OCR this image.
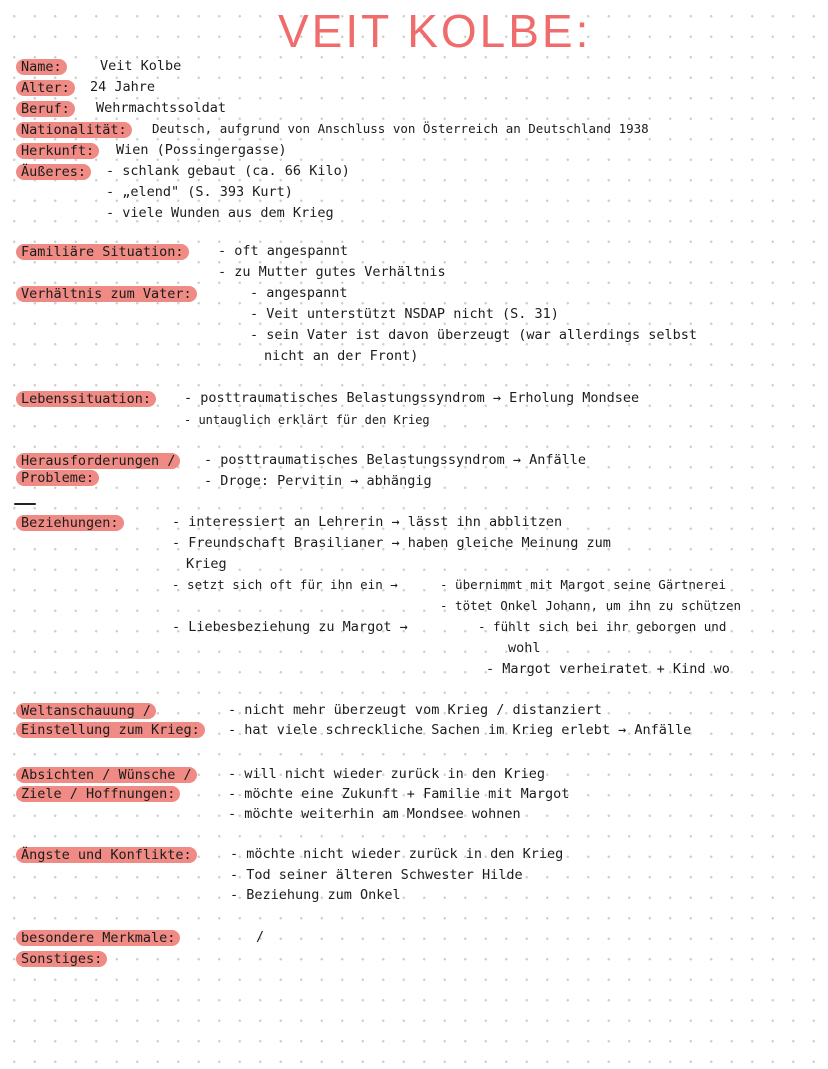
VEIT KOLBE:
Name:	Veit Kolbe
Alter:	24 Jahre
Beruf:	Wehrmachtssoldat
Nationalität:	Deutsch, aufgrund von Anschluss von Österreich an Deutschland 1938
Herkunft:	Wien (Possingergasse)
Äußeres:	- schlank gebaut (ca. 66 Kilo)
- „elend" (S. 393 Kurt)
- viele Wunden aus dem Krieg
Familiäre Situation:	- oft angespannt
- zu Mutter gutes Verhältnis
Verhältnis zum Vater:	- angespannt
- Veit unterstützt NSDAP nicht (S. 31)
- sein Vater ist davon überzeugt (war allerdings selbst
nicht an der Front)
Lebenssituation:	- posttraumatisches Belastungssyndrom → Erholung Mondsee
- untauglich erklärt für den Krieg
Herausforderungen /
Probleme:
- posttraumatisches Belastungssyndrom → Anfälle
- Droge: Pervitin → abhängig
Beziehungen:	- interessiert an Lehrerin → lässt ihn abblitzen
- Freundschaft Brasilianer → haben gleiche Meinung zum
Krieg
- setzt sich oft für ihn ein →	- übernimmt mit Margot seine Gärtnerei
- tötet Onkel Johann, um ihn zu schützen
- Liebesbeziehung zu Margot →	- fühlt sich bei ihr geborgen und
wohl
- Margot verheiratet + Kind wo
Weltanschauung /
Einstellung zum Krieg:
- nicht mehr überzeugt vom Krieg / distanziert
- hat viele schreckliche Sachen im Krieg erlebt → Anfälle
Absichten / Wünsche /
Ziele / Hoffnungen:
- will nicht wieder zurück in den Krieg
- möchte eine Zukunft + Familie mit Margot
- möchte weiterhin am Mondsee wohnen
Ängste und Konflikte:	- möchte nicht wieder zurück in den Krieg
- Tod seiner älteren Schwester Hilde
- Beziehung zum Onkel
besondere Merkmale:	/
Sonstiges:
